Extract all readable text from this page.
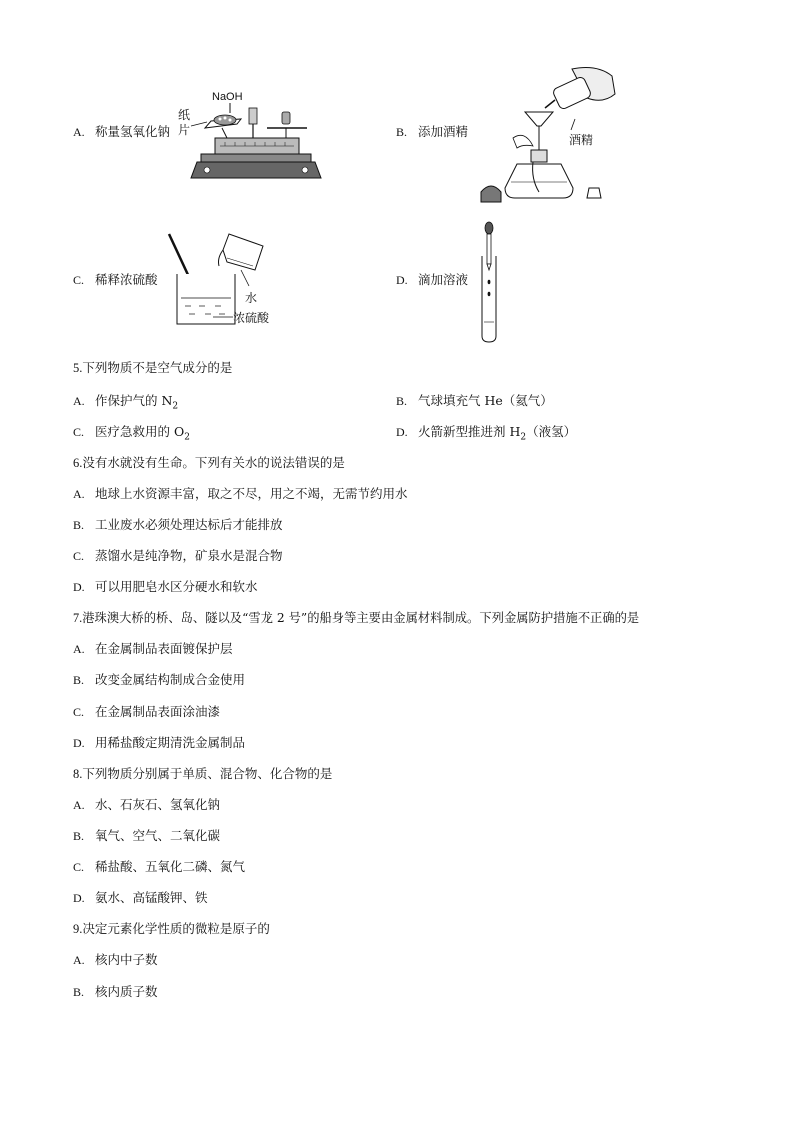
A. 称量氢氧化钠
NaOH
纸
片	B. 添加酒精
酒精
C. 稀释浓硫酸
水
浓硫酸
D. 滴加溶液
5.下列物质不是空气成分的是
A. 作保护气的 $N_2$	B. 气球填充气 He（氦气）
C. 医疗急救用的 $O_2$	D. 火箭新型推进剂 $H_2$（液氢）
6.没有水就没有生命。下列有关水的说法错误的是
A. 地球上水资源丰富，取之不尽，用之不竭，无需节约用水
B. 工业废水必须处理达标后才能排放
C. 蒸馏水是纯净物，矿泉水是混合物
D. 可以用肥皂水区分硬水和软水
7.港珠澳大桥的桥、岛、隧以及“雪龙 2 号”的船身等主要由金属材料制成。下列金属防护措施不正确的是
A. 在金属制品表面镀保护层
B. 改变金属结构制成合金使用
C. 在金属制品表面涂油漆
D. 用稀盐酸定期清洗金属制品
8.下列物质分别属于单质、混合物、化合物的是
A. 水、石灰石、氢氧化钠
B. 氧气、空气、二氧化碳
C. 稀盐酸、五氧化二磷、氮气
D. 氨水、高锰酸钾、铁
9.决定元素化学性质的微粒是原子的
A. 核内中子数
B. 核内质子数
